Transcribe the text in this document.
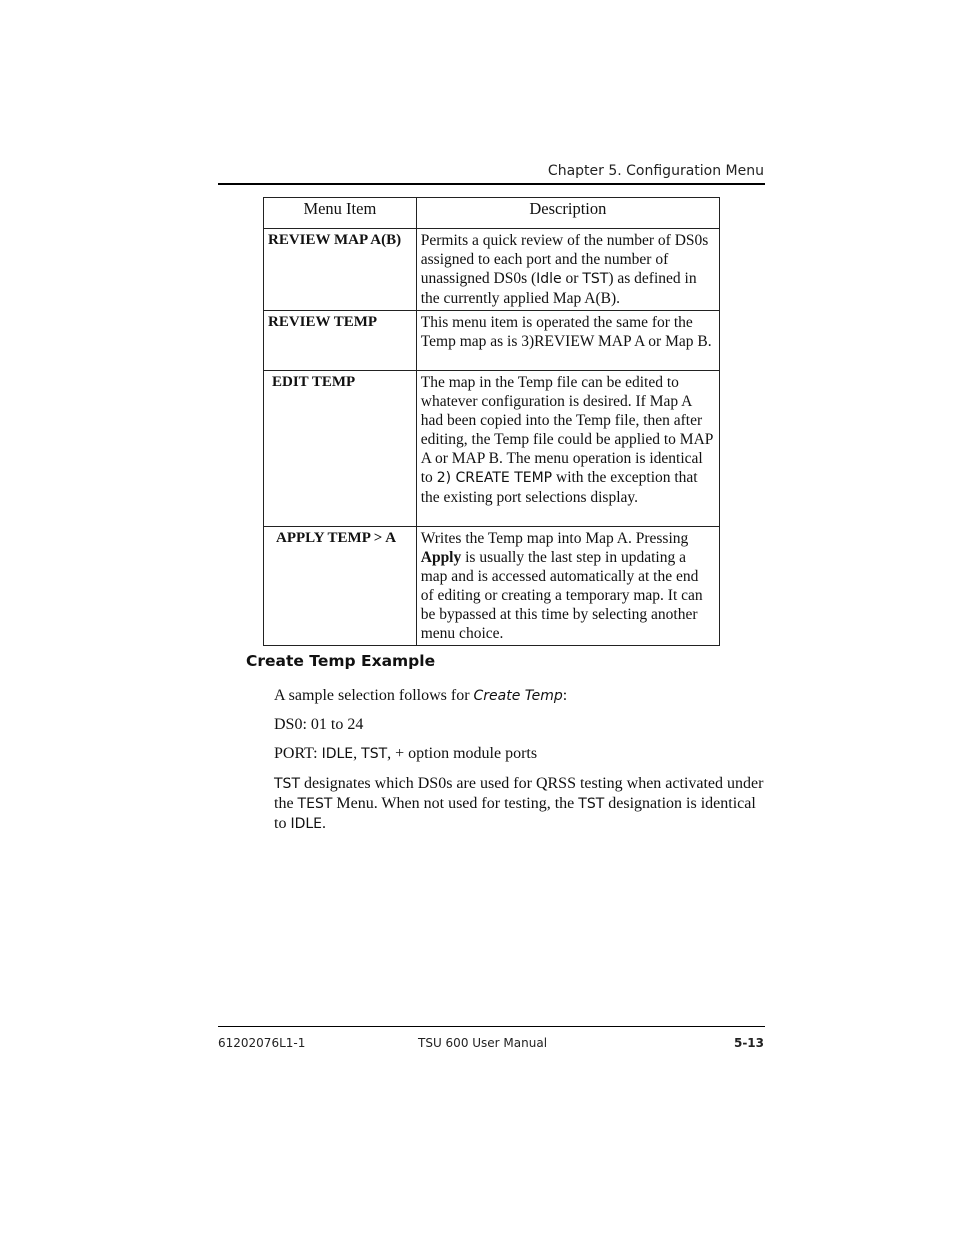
Chapter 5. Configuration Menu
Menu Item	Description
REVIEW MAP A(B)	Permits a quick review of the number of DS0s assigned to each port and the number of unassigned DS0s (Idle or TST) as defined in the currently applied Map A(B).
REVIEW TEMP	This menu item is operated the same for the Temp map as is 3)REVIEW MAP A or Map B.
EDIT TEMP	The map in the Temp file can be edited to whatever configuration is desired. If Map A had been copied into the Temp file, then after editing, the Temp file could be applied to MAP A or MAP B. The menu operation is identical to 2) CREATE TEMP with the exception that the existing port selections display.
APPLY TEMP > A	Writes the Temp map into Map A. Pressing Apply is usually the last step in updating a map and is accessed automatically at the end of editing or creating a temporary map. It can be bypassed at this time by selecting another menu choice.
Create Temp Example
A sample selection follows for Create Temp:
DS0: 01 to 24
PORT: IDLE, TST, + option module ports
TST designates which DS0s are used for QRSS testing when activated under the TEST Menu. When not used for testing, the TST designation is identical to IDLE.
61202076L1-1	TSU 600 User Manual	5-13
